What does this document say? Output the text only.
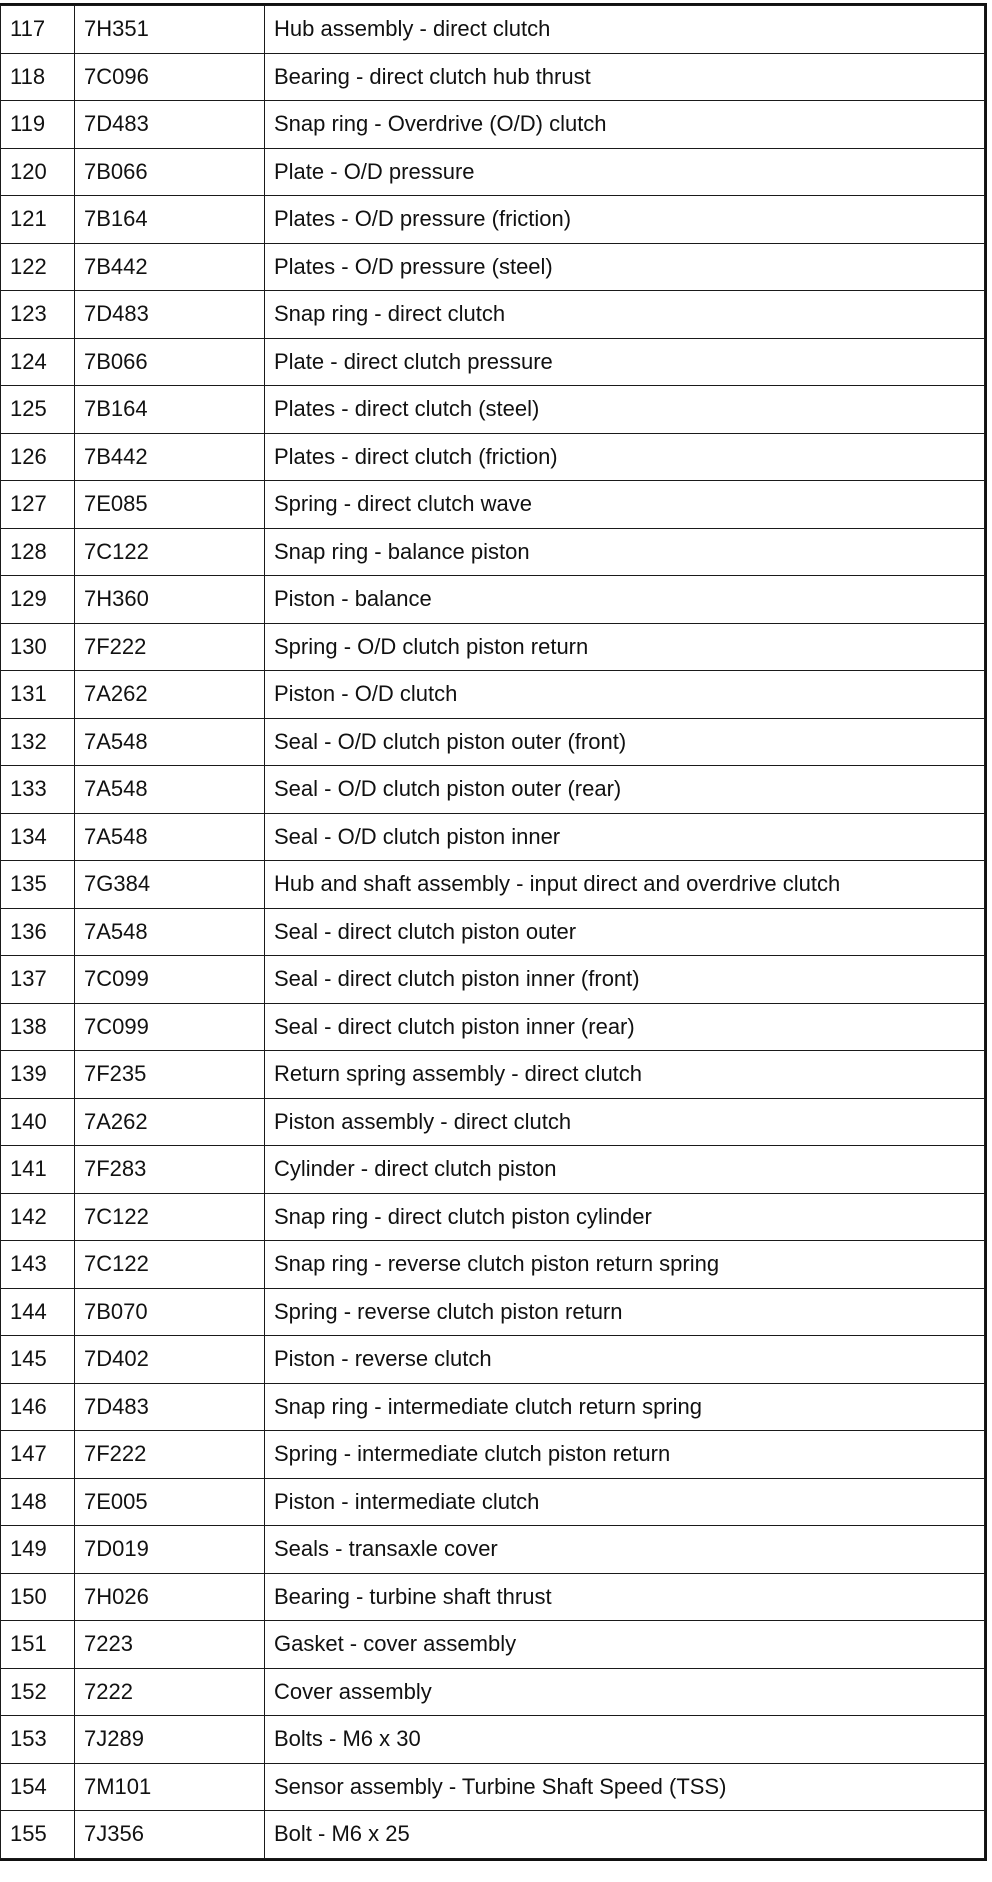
117	7H351	Hub assembly - direct clutch
118	7C096	Bearing - direct clutch hub thrust
119	7D483	Snap ring - Overdrive (O/D) clutch
120	7B066	Plate - O/D pressure
121	7B164	Plates - O/D pressure (friction)
122	7B442	Plates - O/D pressure (steel)
123	7D483	Snap ring - direct clutch
124	7B066	Plate - direct clutch pressure
125	7B164	Plates - direct clutch (steel)
126	7B442	Plates - direct clutch (friction)
127	7E085	Spring - direct clutch wave
128	7C122	Snap ring - balance piston
129	7H360	Piston - balance
130	7F222	Spring - O/D clutch piston return
131	7A262	Piston - O/D clutch
132	7A548	Seal - O/D clutch piston outer (front)
133	7A548	Seal - O/D clutch piston outer (rear)
134	7A548	Seal - O/D clutch piston inner
135	7G384	Hub and shaft assembly - input direct and overdrive clutch
136	7A548	Seal - direct clutch piston outer
137	7C099	Seal - direct clutch piston inner (front)
138	7C099	Seal - direct clutch piston inner (rear)
139	7F235	Return spring assembly - direct clutch
140	7A262	Piston assembly - direct clutch
141	7F283	Cylinder - direct clutch piston
142	7C122	Snap ring - direct clutch piston cylinder
143	7C122	Snap ring - reverse clutch piston return spring
144	7B070	Spring - reverse clutch piston return
145	7D402	Piston - reverse clutch
146	7D483	Snap ring - intermediate clutch return spring
147	7F222	Spring - intermediate clutch piston return
148	7E005	Piston - intermediate clutch
149	7D019	Seals - transaxle cover
150	7H026	Bearing - turbine shaft thrust
151	7223	Gasket - cover assembly
152	7222	Cover assembly
153	7J289	Bolts - M6 x 30
154	7M101	Sensor assembly - Turbine Shaft Speed (TSS)
155	7J356	Bolt - M6 x 25
